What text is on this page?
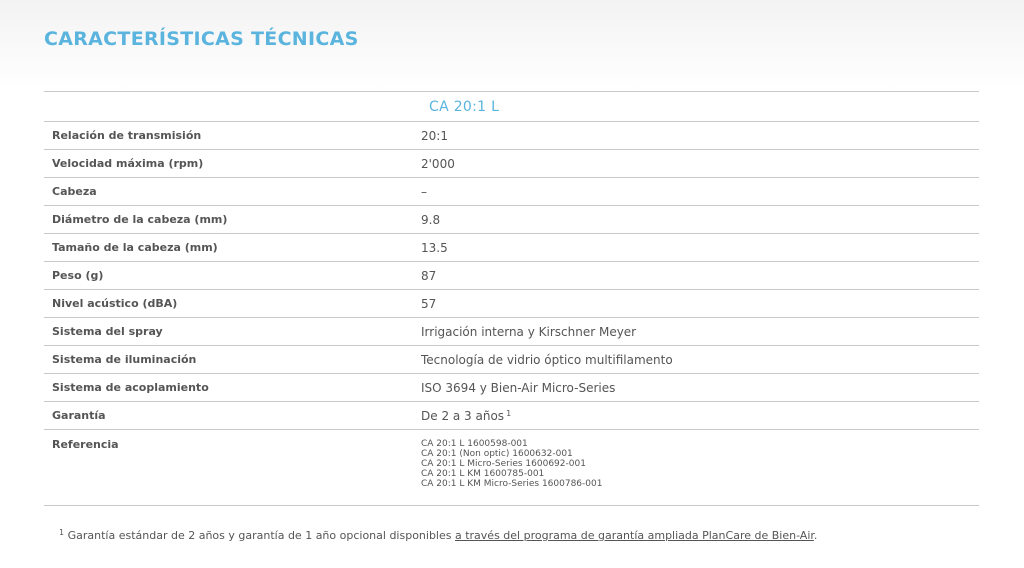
CARACTERÍSTICAS TÉCNICAS
CA 20:1 L
Relación de transmisión	20:1
Velocidad máxima (rpm)	2'000
Cabeza	–
Diámetro de la cabeza (mm)	9.8
Tamaño de la cabeza (mm)	13.5
Peso (g)	87
Nivel acústico (dBA)	57
Sistema del spray	Irrigación interna y Kirschner Meyer
Sistema de iluminación	Tecnología de vidrio óptico multifilamento
Sistema de acoplamiento	ISO 3694 y Bien-Air Micro-Series
Garantía	De 2 a 3 años $^1$
Referencia	CA 20:1 L 1600598-001
CA 20:1 (Non optic) 1600632-001
CA 20:1 L Micro-Series 1600692-001
CA 20:1 L KM 1600785-001
CA 20:1 L KM Micro-Series 1600786-001
$^1$ Garantía estándar de 2 años y garantía de 1 año opcional disponibles a través del programa de garantía ampliada PlanCare de Bien-Air.
